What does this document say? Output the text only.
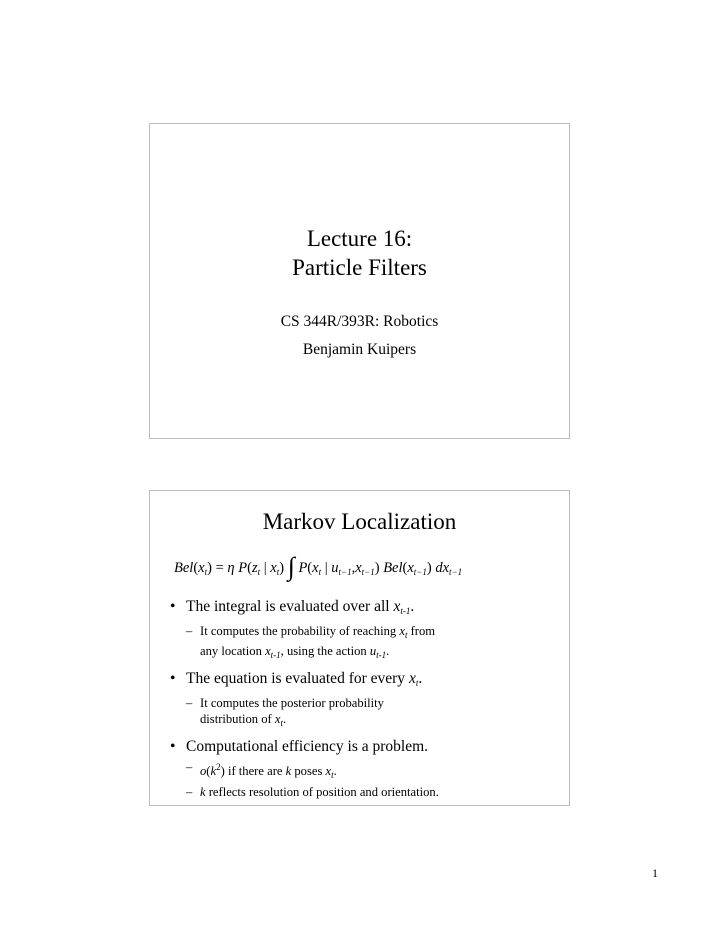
Lecture 16:
Particle Filters
CS 344R/393R: Robotics
Benjamin Kuipers
Markov Localization
$Bel(x_t) = \eta$ $P(z_t$ | $x_t$) ∫ $P(x_t$ | $u_{t-1},x_{t-1}$) $Bel(x_{t-1})$ $dx_{t-1}$
• The integral is evaluated over all $x_{t-1}$.
– It computes the probability of reaching $x_t$ from
any location $x_{t-1}$, using the action $u_{t-1}$.
• The equation is evaluated for every $x_t$.
– It computes the posterior probability
distribution of $x_t$.
• Computational efficiency is a problem.
– $o(k^2)$ if there are k poses $x_t$.
– k reflects resolution of position and orientation.
1
